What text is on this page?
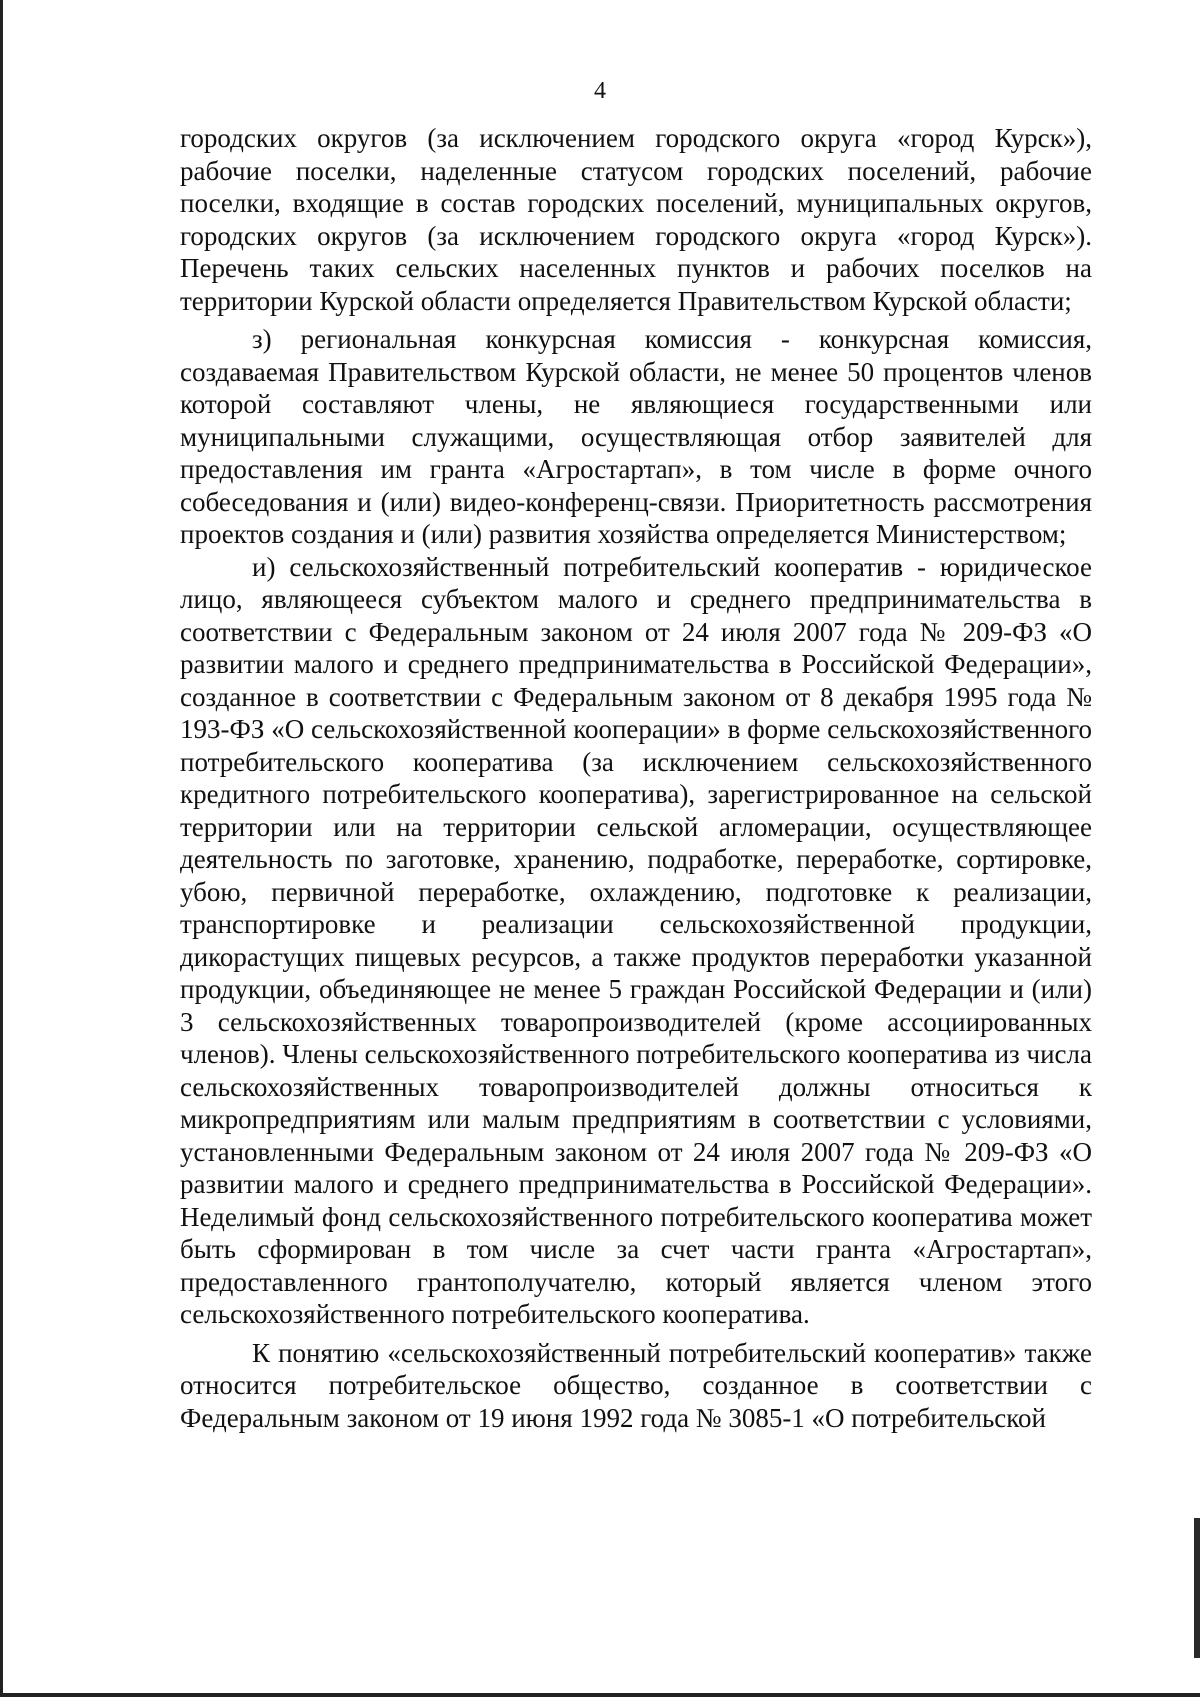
4

городских округов (за исключением городского округа «город Курск»), рабочие поселки, наделенные статусом городских поселений, рабочие поселки, входящие в состав городских поселений, муниципальных округов, городских округов (за исключением городского округа «город Курск»). Перечень таких сельских населенных пунктов и рабочих поселков на территории Курской области определяется Правительством Курской области;

з) региональная конкурсная комиссия - конкурсная комиссия, создаваемая Правительством Курской области, не менее 50 процентов членов которой составляют члены, не являющиеся государственными или муниципальными служащими, осуществляющая отбор заявителей для предоставления им гранта «Агростартап», в том числе в форме очного собеседования и (или) видео-конференц-связи. Приоритетность рассмотрения проектов создания и (или) развития хозяйства определяется Министерством;

и) сельскохозяйственный потребительский кооператив - юридическое лицо, являющееся субъектом малого и среднего предпринимательства в соответствии с Федеральным законом от 24 июля 2007 года № 209-ФЗ «О развитии малого и среднего предпринимательства в Российской Федерации», созданное в соответствии с Федеральным законом от 8 декабря 1995 года № 193-ФЗ «О сельскохозяйственной кооперации» в форме сельскохозяйственного потребительского кооператива (за исключением сельскохозяйственного кредитного потребительского кооператива), зарегистрированное на сельской территории или на территории сельской агломерации, осуществляющее деятельность по заготовке, хранению, подработке, переработке, сортировке, убою, первичной переработке, охлаждению, подготовке к реализации, транспортировке и реализации сельскохозяйственной продукции, дикорастущих пищевых ресурсов, а также продуктов переработки указанной продукции, объединяющее не менее 5 граждан Российской Федерации и (или) 3 сельскохозяйственных товаропроизводителей (кроме ассоциированных членов). Члены сельскохозяйственного потребительского кооператива из числа сельскохозяйственных товаропроизводителей должны относиться к микропредприятиям или малым предприятиям в соответствии с условиями, установленными Федеральным законом от 24 июля 2007 года № 209-ФЗ «О развитии малого и среднего предпринимательства в Российской Федерации». Неделимый фонд сельскохозяйственного потребительского кооператива может быть сформирован в том числе за счет части гранта «Агростартап», предоставленного грантополучателю, который является членом этого сельскохозяйственного потребительского кооператива.

К понятию «сельскохозяйственный потребительский кооператив» также относится потребительское общество, созданное в соответствии с Федеральным законом от 19 июня 1992 года № 3085-1 «О потребительской
